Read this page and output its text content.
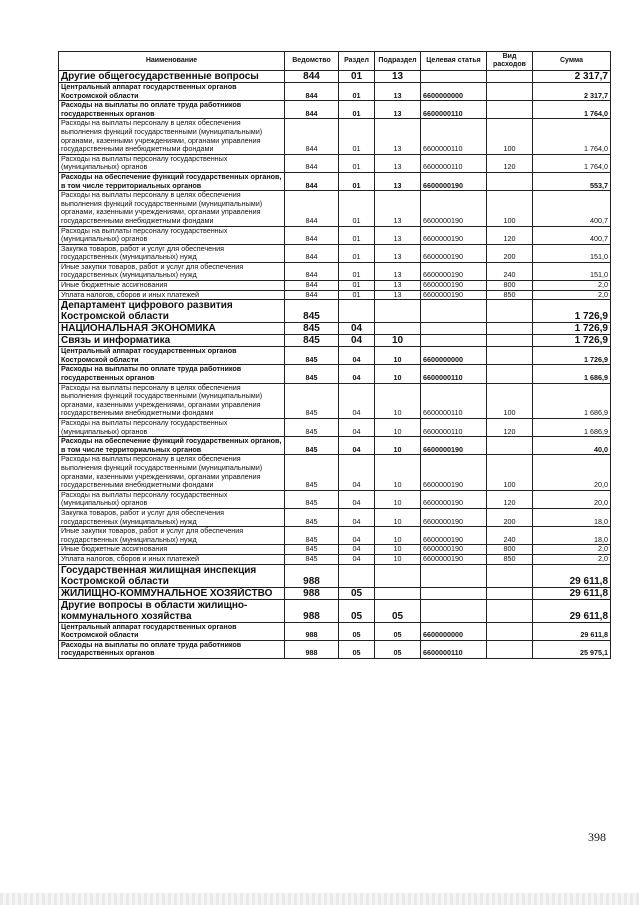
Наименование	Ведомство	Раздел	Подраздел	Целевая статья	Вид расходов	Сумма
Другие общегосударственные вопросы	844	01	13			2 317,7
Центральный аппарат государственных органов Костромской области	844	01	13	6600000000		2 317,7
Расходы на выплаты по оплате труда работников государственных органов	844	01	13	6600000110		1 764,0
Расходы на выплаты персоналу в целях обеспечения выполнения функций государственными (муниципальными) органами, казенными учреждениями, органами управления государственными внебюджетными фондами	844	01	13	6600000110	100	1 764,0
Расходы на выплаты персоналу государственных (муниципальных) органов	844	01	13	6600000110	120	1 764,0
Расходы на обеспечение функций государственных органов, в том числе территориальных органов	844	01	13	6600000190		553,7
Расходы на выплаты персоналу в целях обеспечения выполнения функций государственными (муниципальными) органами, казенными учреждениями, органами управления государственными внебюджетными фондами	844	01	13	6600000190	100	400,7
Расходы на выплаты персоналу государственных (муниципальных) органов	844	01	13	6600000190	120	400,7
Закупка товаров, работ и услуг для обеспечения государственных (муниципальных) нужд	844	01	13	6600000190	200	151,0
Иные закупки товаров, работ и услуг для обеспечения государственных (муниципальных) нужд	844	01	13	6600000190	240	151,0
Иные бюджетные ассигнования	844	01	13	6600000190	800	2,0
Уплата налогов, сборов и иных платежей	844	01	13	6600000190	850	2,0
Департамент цифрового развития Костромской области	845					1 726,9
НАЦИОНАЛЬНАЯ ЭКОНОМИКА	845	04				1 726,9
Связь и информатика	845	04	10			1 726,9
Центральный аппарат государственных органов Костромской области	845	04	10	6600000000		1 726,9
Расходы на выплаты по оплате труда работников государственных органов	845	04	10	6600000110		1 686,9
Расходы на выплаты персоналу в целях обеспечения выполнения функций государственными (муниципальными) органами, казенными учреждениями, органами управления государственными внебюджетными фондами	845	04	10	6600000110	100	1 686,9
Расходы на выплаты персоналу государственных (муниципальных) органов	845	04	10	6600000110	120	1 686,9
Расходы на обеспечение функций государственных органов, в том числе территориальных органов	845	04	10	6600000190		40,0
Расходы на выплаты персоналу в целях обеспечения выполнения функций государственными (муниципальными) органами, казенными учреждениями, органами управления государственными внебюджетными фондами	845	04	10	6600000190	100	20,0
Расходы на выплаты персоналу государственных (муниципальных) органов	845	04	10	6600000190	120	20,0
Закупка товаров, работ и услуг для обеспечения государственных (муниципальных) нужд	845	04	10	6600000190	200	18,0
Иные закупки товаров, работ и услуг для обеспечения государственных (муниципальных) нужд	845	04	10	6600000190	240	18,0
Иные бюджетные ассигнования	845	04	10	6600000190	800	2,0
Уплата налогов, сборов и иных платежей	845	04	10	6600000190	850	2,0
Государственная жилищная инспекция Костромской области	988					29 611,8
ЖИЛИЩНО-КОММУНАЛЬНОЕ ХОЗЯЙСТВО	988	05				29 611,8
Другие вопросы в области жилищно-коммунального хозяйства	988	05	05			29 611,8
Центральный аппарат государственных органов Костромской области	988	05	05	6600000000		29 611,8
Расходы на выплаты по оплате труда работников государственных органов	988	05	05	6600000110		25 975,1
398
